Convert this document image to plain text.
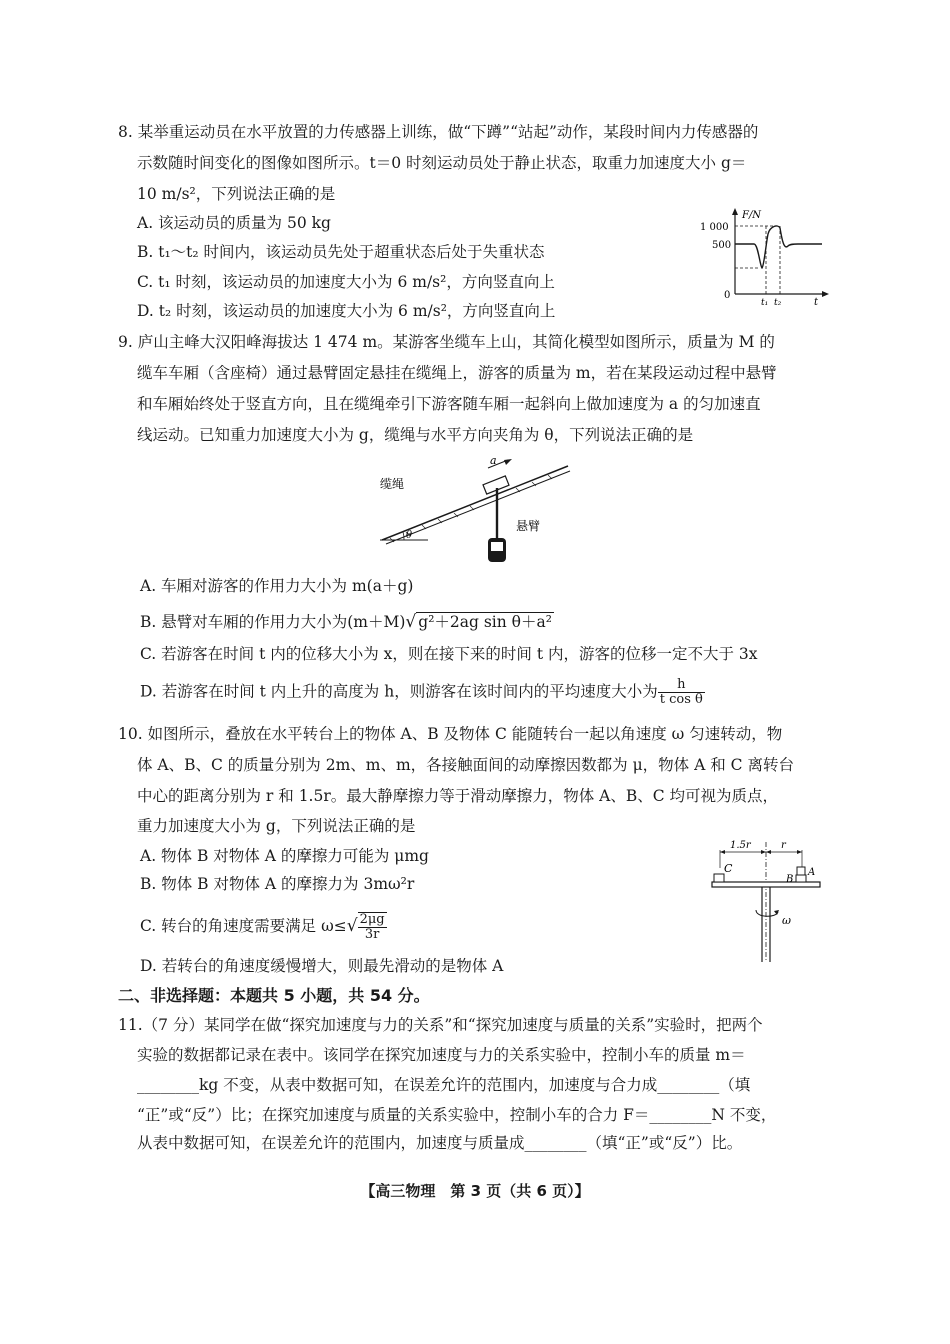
8. 某举重运动员在水平放置的力传感器上训练，做“下蹲”“站起”动作，某段时间内力传感器的
示数随时间变化的图像如图所示。t＝0 时刻运动员处于静止状态，取重力加速度大小 g＝
10 m/s²，下列说法正确的是
A. 该运动员的质量为 50 kg
B. t₁～t₂ 时间内，该运动员先处于超重状态后处于失重状态
C. t₁ 时刻，该运动员的加速度大小为 6 m/s²，方向竖直向上
D. t₂ 时刻，该运动员的加速度大小为 6 m/s²，方向竖直向上
1 000
500
0
F/N
t
t₁ t₂
9. 庐山主峰大汉阳峰海拔达 1 474 m。某游客坐缆车上山，其简化模型如图所示，质量为 M 的
缆车车厢（含座椅）通过悬臂固定悬挂在缆绳上，游客的质量为 m，若在某段运动过程中悬臂
和车厢始终处于竖直方向，且在缆绳牵引下游客随车厢一起斜向上做加速度为 a 的匀加速直
线运动。已知重力加速度大小为 g，缆绳与水平方向夹角为 θ，下列说法正确的是
缆绳
悬臂
a
θ
A. 车厢对游客的作用力大小为 m(a＋g)
B. 悬臂对车厢的作用力大小为(m＋M)√ g²＋2ag sin θ＋a²
C. 若游客在时间 t 内的位移大小为 x，则在接下来的时间 t 内，游客的位移一定不大于 3x
D. 若游客在时间 t 内上升的高度为 h，则游客在该时间内的平均速度大小为 $\frac{h}{\text{t cos θ}}$
10. 如图所示，叠放在水平转台上的物体 A、B 及物体 C 能随转台一起以角速度 ω 匀速转动，物
体 A、B、C 的质量分别为 2m、m、m，各接触面间的动摩擦因数都为 μ，物体 A 和 C 离转台
中心的距离分别为 r 和 1.5r。最大静摩擦力等于滑动摩擦力，物体 A、B、C 均可视为质点，
重力加速度大小为 g，下列说法正确的是
A. 物体 B 对物体 A 的摩擦力可能为 μmg
B. 物体 B 对物体 A 的摩擦力为 3mω²r
C. 转台的角速度需要满足 $\omega\le√ \frac{2\mu g}{3r}$
D. 若转台的角速度缓慢增大，则最先滑动的是物体 A
1.5r	r
C
B
A
ω
二、非选择题：本题共 5 小题，共 54 分。
11.（7 分）某同学在做“探究加速度与力的关系”和“探究加速度与质量的关系”实验时，把两个
实验的数据都记录在表中。该同学在探究加速度与力的关系实验中，控制小车的质量 m＝
________kg 不变，从表中数据可知，在误差允许的范围内，加速度与合力成________（填
“正”或“反”）比；在探究加速度与质量的关系实验中，控制小车的合力 F＝________N 不变，
从表中数据可知，在误差允许的范围内，加速度与质量成________（填“正”或“反”）比。
【高三物理　第 3 页（共 6 页）】
